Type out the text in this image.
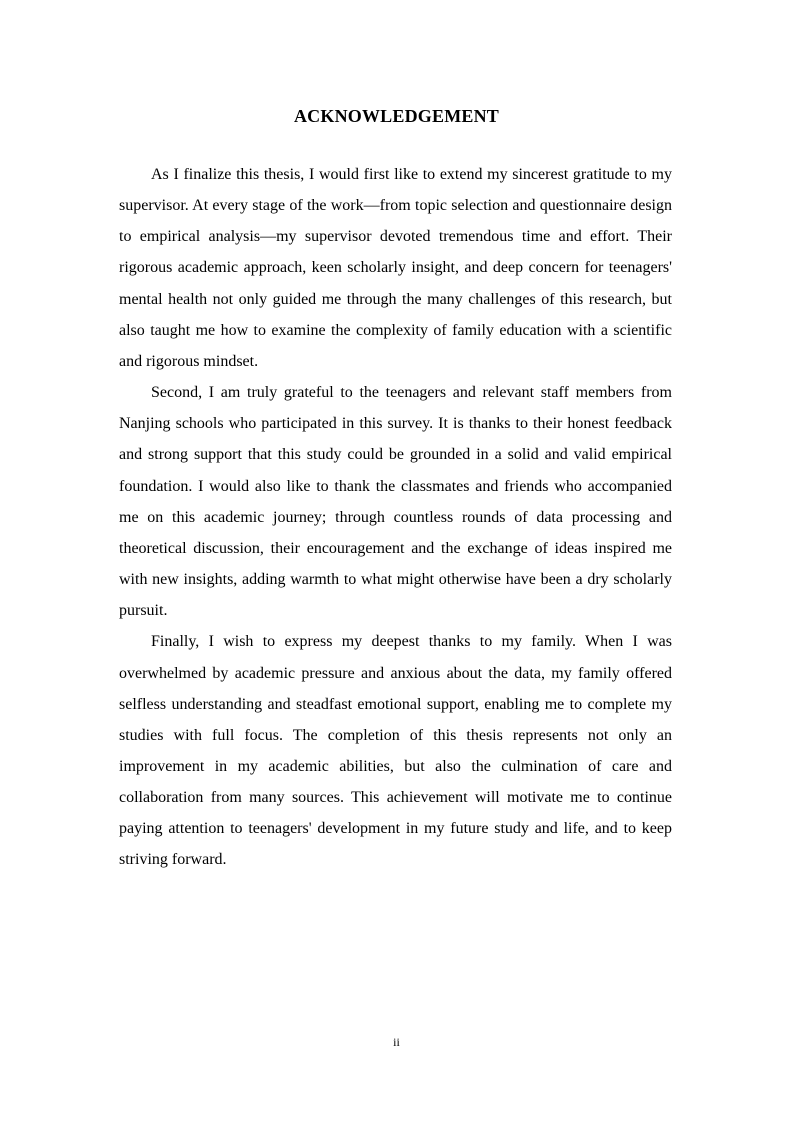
ACKNOWLEDGEMENT

As I finalize this thesis, I would first like to extend my sincerest gratitude to my supervisor. At every stage of the work—from topic selection and questionnaire design to empirical analysis—my supervisor devoted tremendous time and effort. Their rigorous academic approach, keen scholarly insight, and deep concern for teenagers' mental health not only guided me through the many challenges of this research, but also taught me how to examine the complexity of family education with a scientific and rigorous mindset.

Second, I am truly grateful to the teenagers and relevant staff members from Nanjing schools who participated in this survey. It is thanks to their honest feedback and strong support that this study could be grounded in a solid and valid empirical foundation. I would also like to thank the classmates and friends who accompanied me on this academic journey; through countless rounds of data processing and theoretical discussion, their encouragement and the exchange of ideas inspired me with new insights, adding warmth to what might otherwise have been a dry scholarly pursuit.

Finally, I wish to express my deepest thanks to my family. When I was overwhelmed by academic pressure and anxious about the data, my family offered selfless understanding and steadfast emotional support, enabling me to complete my studies with full focus. The completion of this thesis represents not only an improvement in my academic abilities, but also the culmination of care and collaboration from many sources. This achievement will motivate me to continue paying attention to teenagers' development in my future study and life, and to keep striving forward.

ii
